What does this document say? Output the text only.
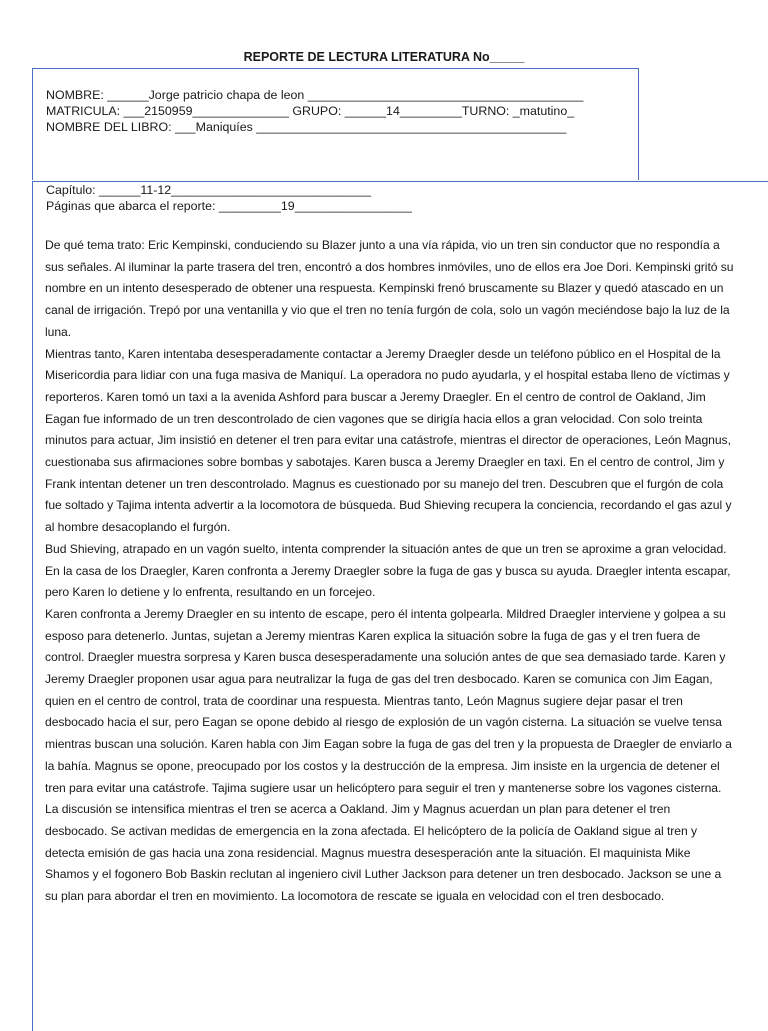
REPORTE DE LECTURA LITERATURA No_____
NOMBRE: ______Jorge patricio chapa de leon ________________________________________
MATRICULA: ___2150959______________ GRUPO: ______14_________TURNO: _matutino_
NOMBRE DEL LIBRO: ___Maniquíes _____________________________________________
Capítulo: ______11-12_____________________________
Páginas que abarca el reporte: _________19_________________

De qué tema trato: Eric Kempinski, conduciendo su Blazer junto a una vía rápida, vio un tren sin conductor que no respondía a sus señales. Al iluminar la parte trasera del tren, encontró a dos hombres inmóviles, uno de ellos era Joe Dori. Kempinski gritó su nombre en un intento desesperado de obtener una respuesta. Kempinski frenó bruscamente su Blazer y quedó atascado en un canal de irrigación. Trepó por una ventanilla y vio que el tren no tenía furgón de cola, solo un vagón meciéndose bajo la luz de la luna.

Mientras tanto, Karen intentaba desesperadamente contactar a Jeremy Draegler desde un teléfono público en el Hospital de la Misericordia para lidiar con una fuga masiva de Maniquí. La operadora no pudo ayudarla, y el hospital estaba lleno de víctimas y reporteros. Karen tomó un taxi a la avenida Ashford para buscar a Jeremy Draegler. En el centro de control de Oakland, Jim Eagan fue informado de un tren descontrolado de cien vagones que se dirigía hacia ellos a gran velocidad. Con solo treinta minutos para actuar, Jim insistió en detener el tren para evitar una catástrofe, mientras el director de operaciones, León Magnus, cuestionaba sus afirmaciones sobre bombas y sabotajes. Karen busca a Jeremy Draegler en taxi. En el centro de control, Jim y Frank intentan detener un tren descontrolado. Magnus es cuestionado por su manejo del tren. Descubren que el furgón de cola fue soltado y Tajima intenta advertir a la locomotora de búsqueda. Bud Shieving recupera la conciencia, recordando el gas azul y al hombre desacoplando el furgón.

Bud Shieving, atrapado en un vagón suelto, intenta comprender la situación antes de que un tren se aproxime a gran velocidad. En la casa de los Draegler, Karen confronta a Jeremy Draegler sobre la fuga de gas y busca su ayuda. Draegler intenta escapar, pero Karen lo detiene y lo enfrenta, resultando en un forcejeo.

Karen confronta a Jeremy Draegler en su intento de escape, pero él intenta golpearla. Mildred Draegler interviene y golpea a su esposo para detenerlo. Juntas, sujetan a Jeremy mientras Karen explica la situación sobre la fuga de gas y el tren fuera de control. Draegler muestra sorpresa y Karen busca desesperadamente una solución antes de que sea demasiado tarde. Karen y Jeremy Draegler proponen usar agua para neutralizar la fuga de gas del tren desbocado. Karen se comunica con Jim Eagan, quien en el centro de control, trata de coordinar una respuesta. Mientras tanto, León Magnus sugiere dejar pasar el tren desbocado hacia el sur, pero Eagan se opone debido al riesgo de explosión de un vagón cisterna. La situación se vuelve tensa mientras buscan una solución. Karen habla con Jim Eagan sobre la fuga de gas del tren y la propuesta de Draegler de enviarlo a la bahía. Magnus se opone, preocupado por los costos y la destrucción de la empresa. Jim insiste en la urgencia de detener el tren para evitar una catástrofe. Tajima sugiere usar un helicóptero para seguir el tren y mantenerse sobre los vagones cisterna. La discusión se intensifica mientras el tren se acerca a Oakland. Jim y Magnus acuerdan un plan para detener el tren desbocado. Se activan medidas de emergencia en la zona afectada. El helicóptero de la policía de Oakland sigue al tren y detecta emisión de gas hacia una zona residencial. Magnus muestra desesperación ante la situación. El maquinista Mike Shamos y el fogonero Bob Baskin reclutan al ingeniero civil Luther Jackson para detener un tren desbocado. Jackson se une a su plan para abordar el tren en movimiento. La locomotora de rescate se iguala en velocidad con el tren desbocado.
